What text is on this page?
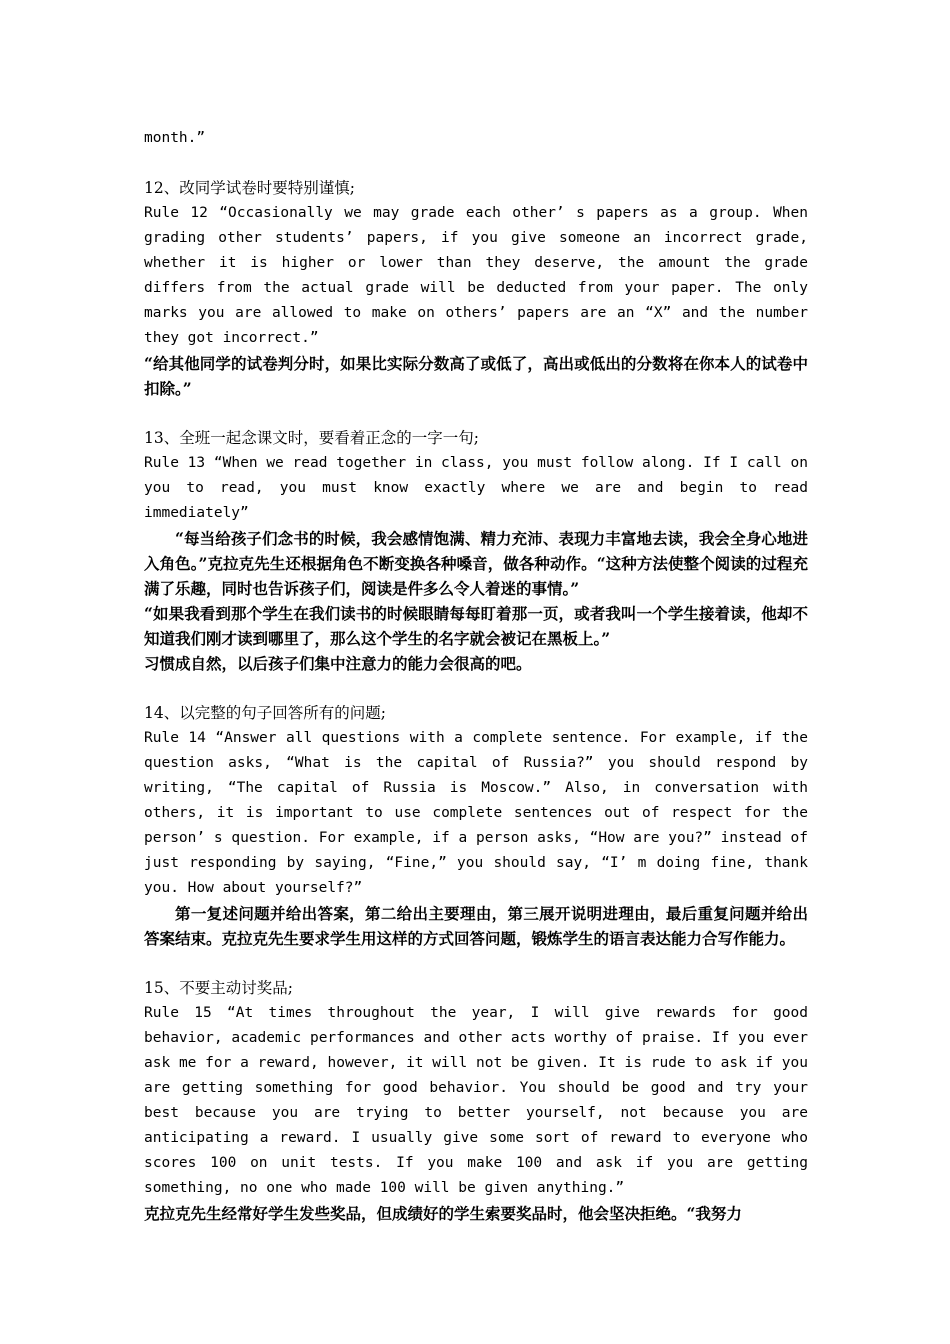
month.”

12、改同学试卷时要特别谨慎;

Rule 12 “Occasionally we may grade each other’ s papers as a group. When grading other students’ papers, if you give someone an incorrect grade, whether it is higher or lower than they deserve, the amount the grade differs from the actual grade will be deducted from your paper. The only marks you are allowed to make on others’ papers are an “X” and the number they got incorrect.”

“给其他同学的试卷判分时，如果比实际分数高了或低了，高出或低出的分数将在你本人的试卷中扣除。”

13、全班一起念课文时，要看着正念的一字一句;

Rule 13 “When we read together in class, you must follow along. If I call on you to read, you must know exactly where we are and begin to read immediately”

“每当给孩子们念书的时候，我会感情饱满、精力充沛、表现力丰富地去读，我会全身心地进入角色。”克拉克先生还根据角色不断变换各种嗓音，做各种动作。“这种方法使整个阅读的过程充满了乐趣，同时也告诉孩子们，阅读是件多么令人着迷的事情。”

“如果我看到那个学生在我们读书的时候眼睛每每盯着那一页，或者我叫一个学生接着读，他却不知道我们刚才读到哪里了，那么这个学生的名字就会被记在黑板上。”

习惯成自然，以后孩子们集中注意力的能力会很高的吧。

14、以完整的句子回答所有的问题;

Rule 14 “Answer all questions with a complete sentence. For example, if the question asks, “What is the capital of Russia?” you should respond by writing, “The capital of Russia is Moscow.” Also, in conversation with others, it is important to use complete sentences out of respect for the person’ s question. For example, if a person asks, “How are you?” instead of just responding by saying, “Fine,” you should say, “I’ m doing fine, thank you. How about yourself?”

第一复述问题并给出答案，第二给出主要理由，第三展开说明进理由，最后重复问题并给出答案结束。克拉克先生要求学生用这样的方式回答问题，锻炼学生的语言表达能力合写作能力。

15、不要主动讨奖品;

Rule 15 “At times throughout the year, I will give rewards for good behavior, academic performances and other acts worthy of praise. If you ever ask me for a reward, however, it will not be given. It is rude to ask if you are getting something for good behavior. You should be good and try your best because you are trying to better yourself, not because you are anticipating a reward. I usually give some sort of reward to everyone who scores 100 on unit tests. If you make 100 and ask if you are getting something, no one who made 100 will be given anything.”

克拉克先生经常好学生发些奖品，但成绩好的学生索要奖品时，他会坚决拒绝。“我努力
